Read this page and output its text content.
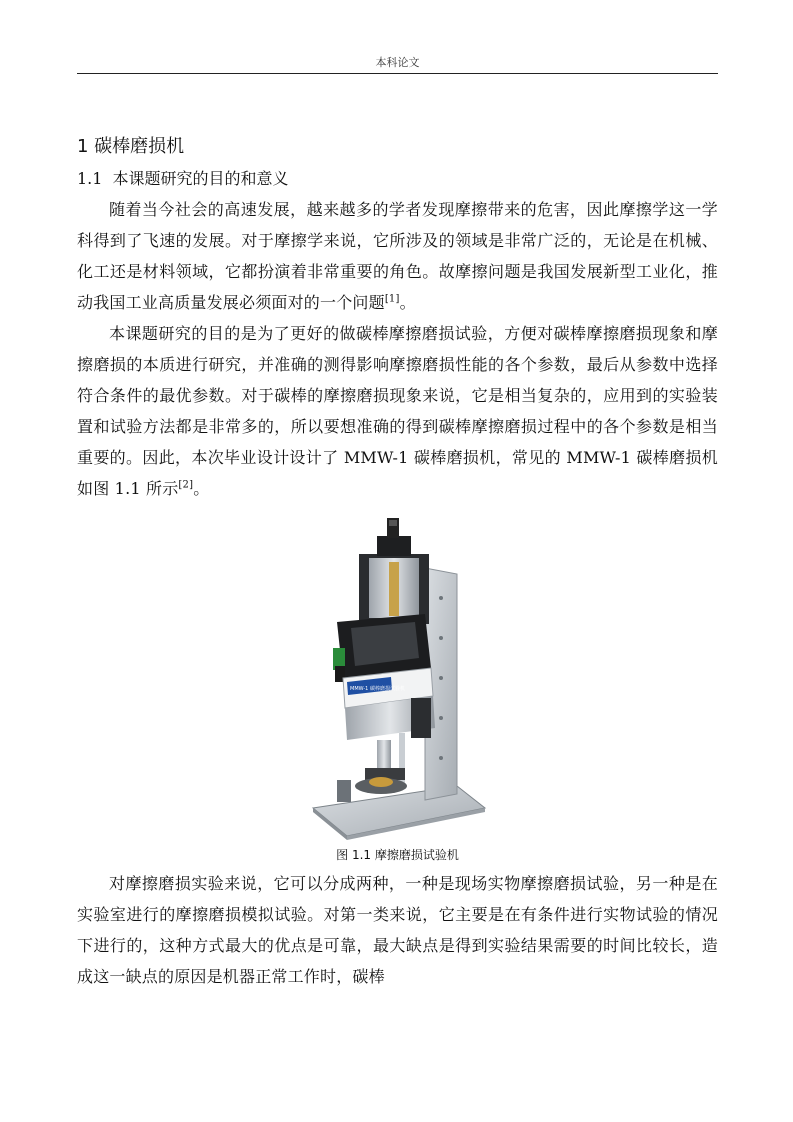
本科论文
1 碳棒磨损机
1.1 本课题研究的目的和意义

随着当今社会的高速发展，越来越多的学者发现摩擦带来的危害，因此摩擦学这一学科得到了飞速的发展。对于摩擦学来说，它所涉及的领域是非常广泛的，无论是在机械、化工还是材料领域，它都扮演着非常重要的角色。故摩擦问题是我国发展新型工业化，推动我国工业高质量发展必须面对的一个问题[1]。

本课题研究的目的是为了更好的做碳棒摩擦磨损试验，方便对碳棒摩擦磨损现象和摩擦磨损的本质进行研究，并准确的测得影响摩擦磨损性能的各个参数，最后从参数中选择符合条件的最优参数。对于碳棒的摩擦磨损现象来说，它是相当复杂的，应用到的实验装置和试验方法都是非常多的，所以要想准确的得到碳棒摩擦磨损过程中的各个参数是相当重要的。因此，本次毕业设计设计了 MMW-1 碳棒磨损机，常见的 MMW-1 碳棒磨损机如图 1.1 所示[2]。

MMW-1 碳棒磨损试验机
图 1.1 摩擦磨损试验机

对摩擦磨损实验来说，它可以分成两种，一种是现场实物摩擦磨损试验，另一种是在实验室进行的摩擦磨损模拟试验。对第一类来说，它主要是在有条件进行实物试验的情况下进行的，这种方式最大的优点是可靠，最大缺点是得到实验结果需要的时间比较长，造成这一缺点的原因是机器正常工作时，碳棒
